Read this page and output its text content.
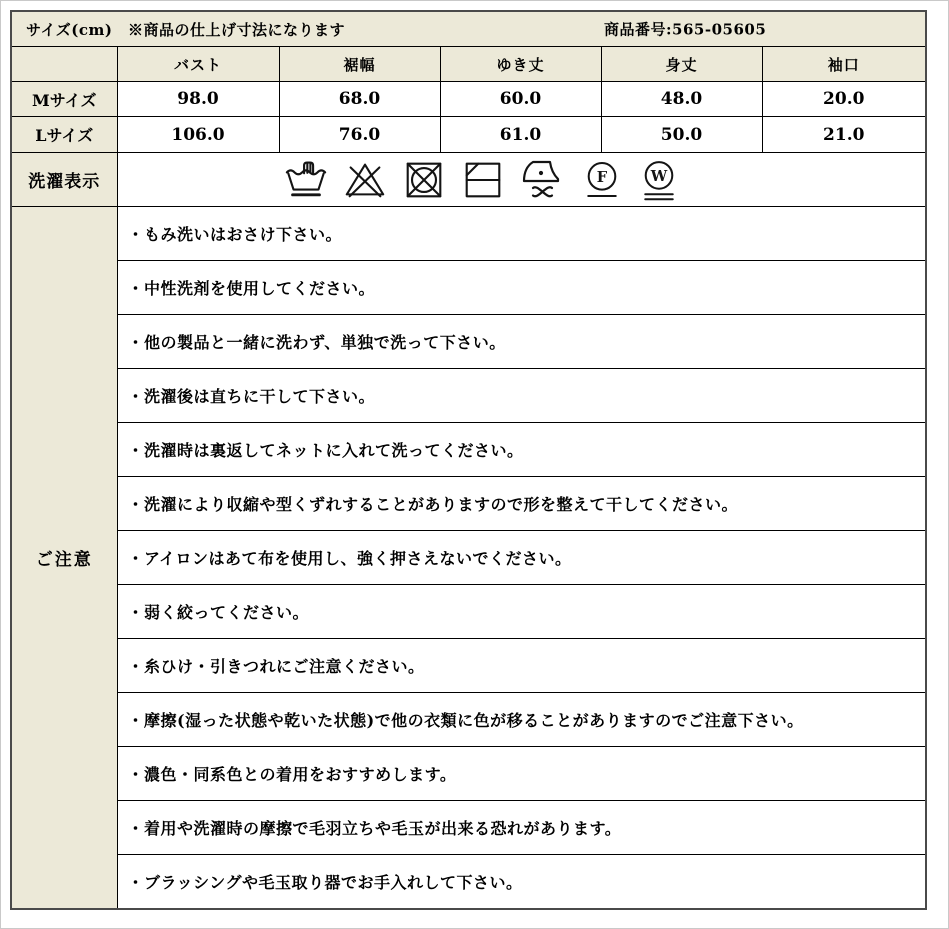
サイズ(cm)　※商品の仕上げ寸法になります 商品番号:565-05605					

	バスト	裾幅	ゆき丈	身丈	袖口
Mサイズ	98.0	68.0	60.0	48.0	20.0
Lサイズ	106.0	76.0	61.0	50.0	21.0
洗濯表示	F W				

ご注意	・もみ洗いはおさけ下さい。				

	・中性洗剤を使用してください。				

	・他の製品と一緒に洗わず、単独で洗って下さい。				

	・洗濯後は直ちに干して下さい。				

	・洗濯時は裏返してネットに入れて洗ってください。				

	・洗濯により収縮や型くずれすることがありますので形を整えて干してください。				

	・アイロンはあて布を使用し、強く押さえないでください。				

	・弱く絞ってください。				

	・糸ひけ・引きつれにご注意ください。				

	・摩擦(湿った状態や乾いた状態)で他の衣類に色が移ることがありますのでご注意下さい。				

	・濃色・同系色との着用をおすすめします。				

	・着用や洗濯時の摩擦で毛羽立ちや毛玉が出来る恐れがあります。				

	・ブラッシングや毛玉取り器でお手入れして下さい。				
